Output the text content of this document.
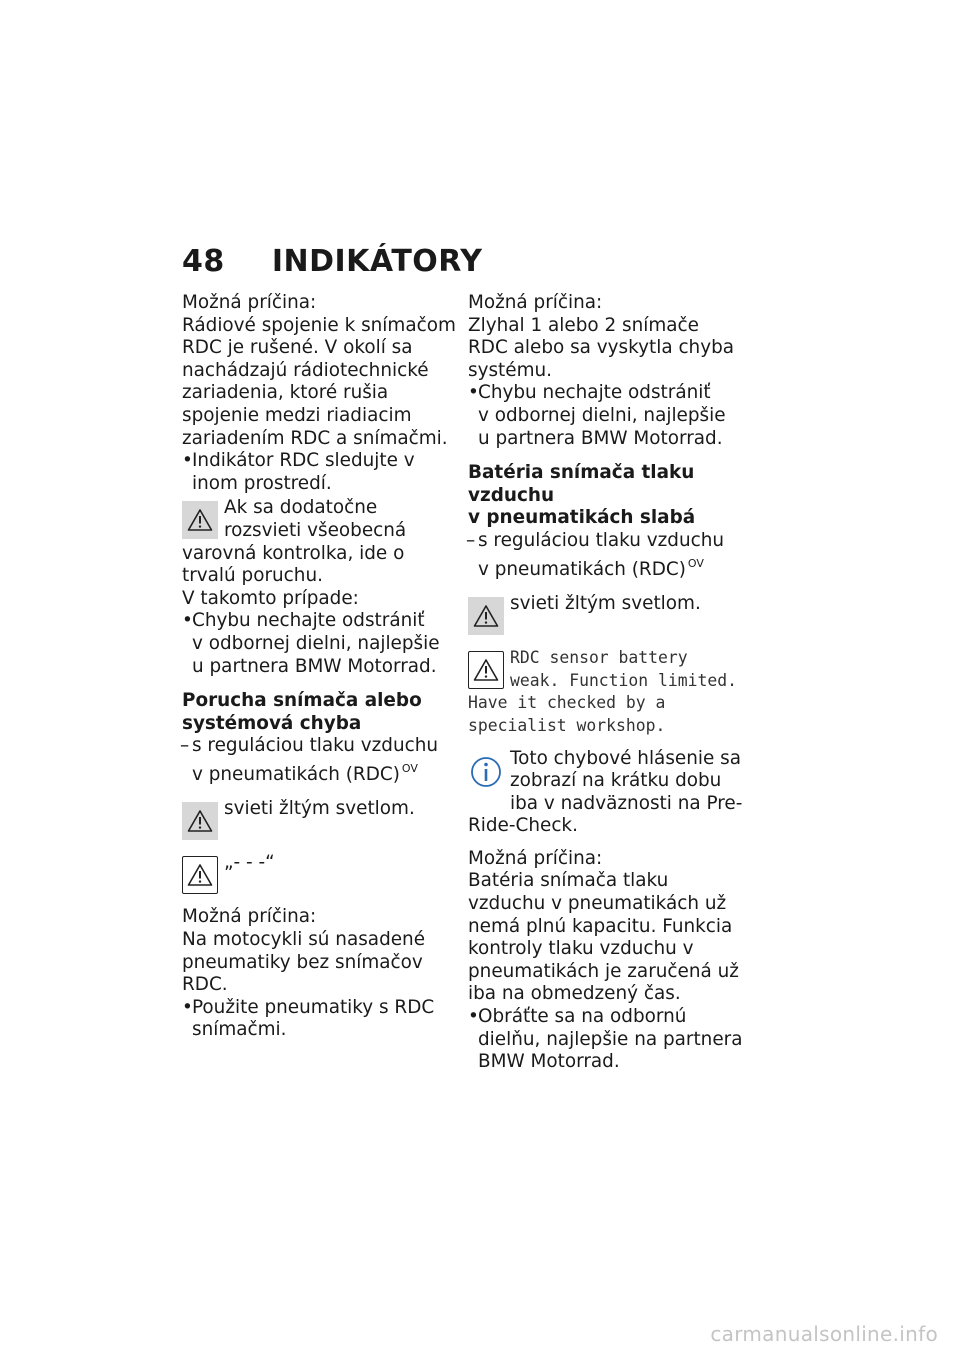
48 INDIKÁTORY
Možná príčina:
Rádiové spojenie k snímačom RDC je rušené. V okolí sa nachádzajú rádiotechnické zariadenia, ktoré rušia spojenie medzi riadiacim zariadením RDC a snímačmi.
• Indikátor RDC sledujte v inom prostredí.
Ak sa dodatočne rozsvieti všeobecná varovná kontrolka, ide o trvalú poruchu.
V takomto prípade:
• Chybu nechajte odstrániť
v odbornej dielni, najlepšie
u partnera BMW Motorrad.
Porucha snímača alebo
systémová chyba
– s reguláciou tlaku vzduchu
v pneumatikách (RDC) $^{OV}$
svieti žltým svetlom.
„- - -“
Možná príčina:
Na motocykli sú nasadené pneumatiky bez snímačov RDC.
• Použite pneumatiky s RDC
snímačmi.
Možná príčina:
Zlyhal 1 alebo 2 snímače RDC alebo sa vyskytla chyba systému.
• Chybu nechajte odstrániť
v odbornej dielni, najlepšie
u partnera BMW Motorrad.
Batéria snímača tlaku vzduchu
v pneumatikách slabá
– s reguláciou tlaku vzduchu
v pneumatikách (RDC) $^{OV}$
svieti žltým svetlom.
RDC sensor battery weak. Function limited. Have it checked by a specialist workshop.
Toto chybové hlásenie sa zobrazí na krátku dobu iba v nadväznosti na Pre-Ride-Check.
Možná príčina:
Batéria snímača tlaku vzduchu v pneumatikách už nemá plnú kapacitu. Funkcia kontroly tlaku vzduchu v pneumatikách je zaručená už iba na obmedzený čas.
• Obráťte sa na odbornú
dielňu, najlepšie na partnera
BMW Motorrad.
carmanualsonline.info
